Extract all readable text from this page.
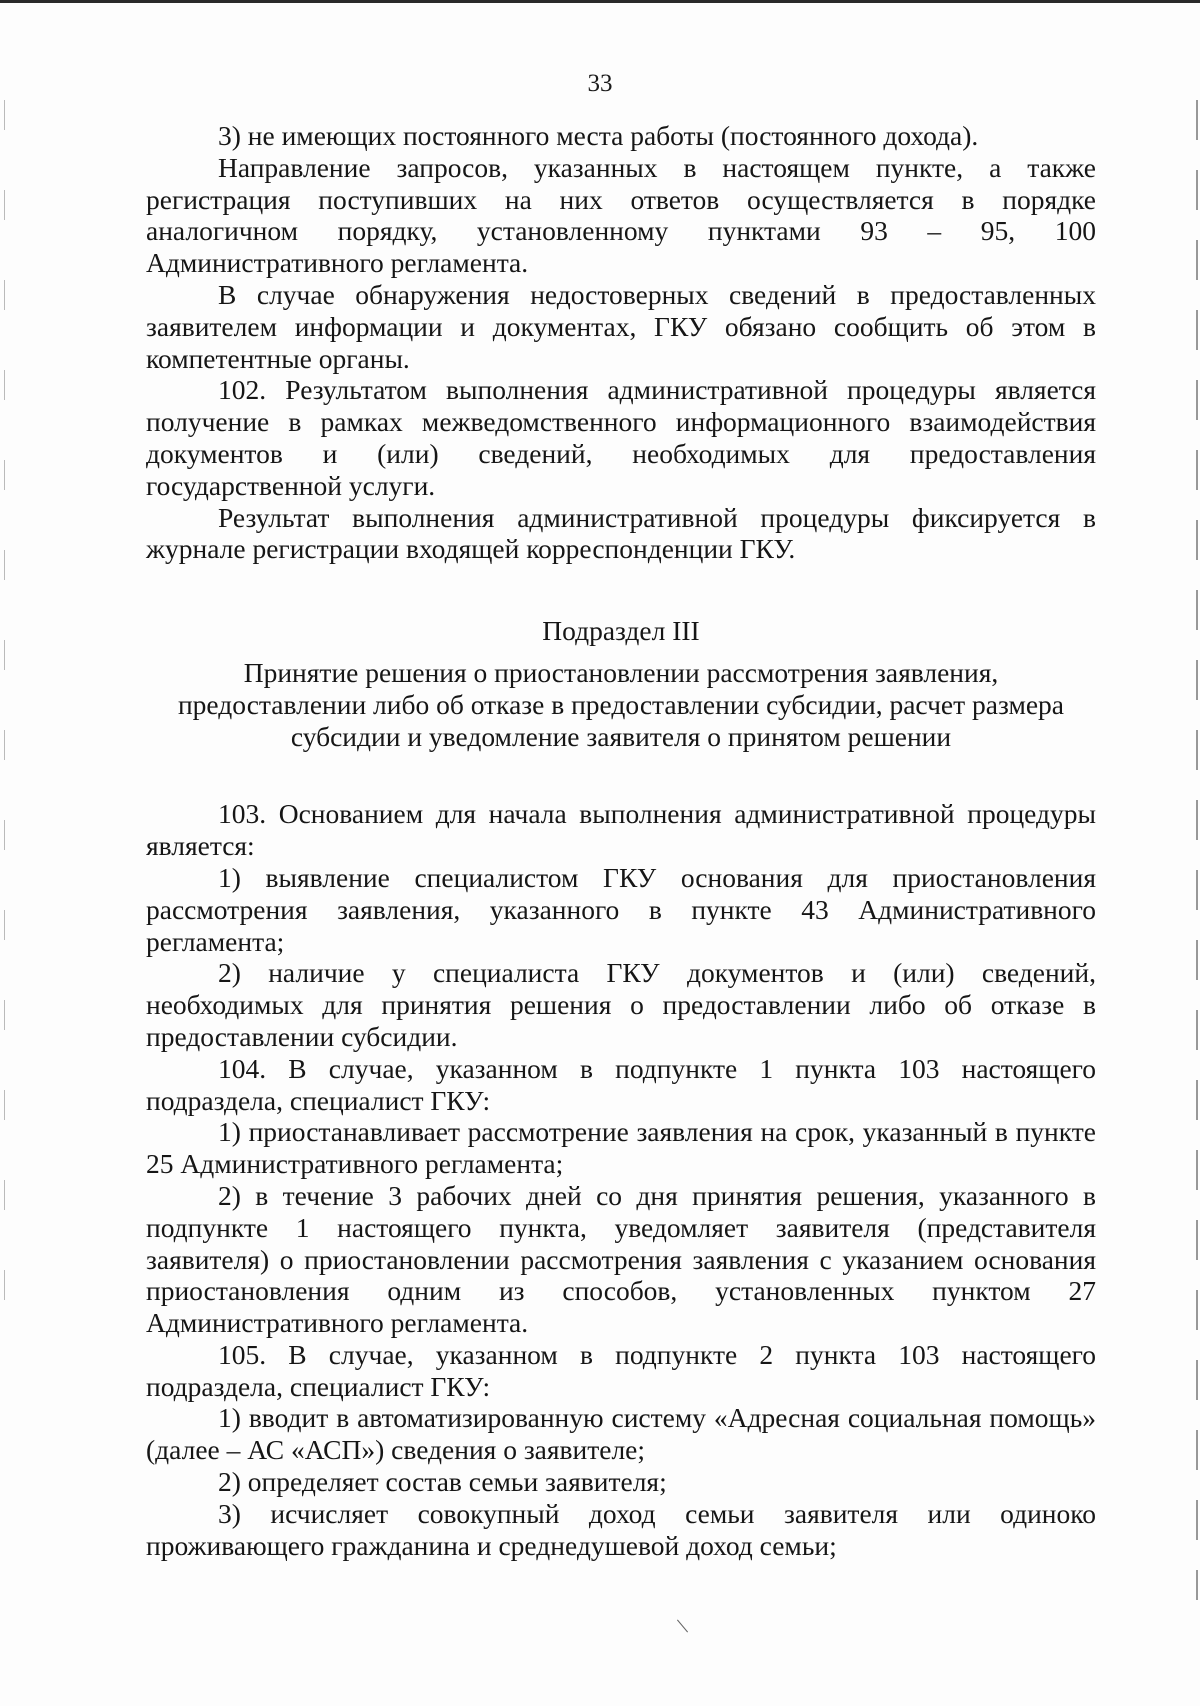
33

3) не имеющих постоянного места работы (постоянного дохода).

Направление запросов, указанных в настоящем пункте, а также регистрация поступивших на них ответов осуществляется в порядке аналогичном порядку, установленному пунктами 93 – 95, 100 Административного регламента.

В случае обнаружения недостоверных сведений в предоставленных заявителем информации и документах, ГКУ обязано сообщить об этом в компетентные органы.

102. Результатом выполнения административной процедуры является получение в рамках межведомственного информационного взаимодействия документов и (или) сведений, необходимых для предоставления государственной услуги.

Результат выполнения административной процедуры фиксируется в журнале регистрации входящей корреспонденции ГКУ.

Подраздел III

Принятие решения о приостановлении рассмотрения заявления, предоставлении либо об отказе в предоставлении субсидии, расчет размера субсидии и уведомление заявителя о принятом решении

103. Основанием для начала выполнения административной процедуры является:

1) выявление специалистом ГКУ основания для приостановления рассмотрения заявления, указанного в пункте 43 Административного регламента;

2) наличие у специалиста ГКУ документов и (или) сведений, необходимых для принятия решения о предоставлении либо об отказе в предоставлении субсидии.

104. В случае, указанном в подпункте 1 пункта 103 настоящего подраздела, специалист ГКУ:

1) приостанавливает рассмотрение заявления на срок, указанный в пункте 25 Административного регламента;

2) в течение 3 рабочих дней со дня принятия решения, указанного в подпункте 1 настоящего пункта, уведомляет заявителя (представителя заявителя) о приостановлении рассмотрения заявления с указанием основания приостановления одним из способов, установленных пунктом 27 Административного регламента.

105. В случае, указанном в подпункте 2 пункта 103 настоящего подраздела, специалист ГКУ:

1) вводит в автоматизированную систему «Адресная социальная помощь» (далее – АС «АСП») сведения о заявителе;

2) определяет состав семьи заявителя;

3) исчисляет совокупный доход семьи заявителя или одиноко проживающего гражданина и среднедушевой доход семьи;
